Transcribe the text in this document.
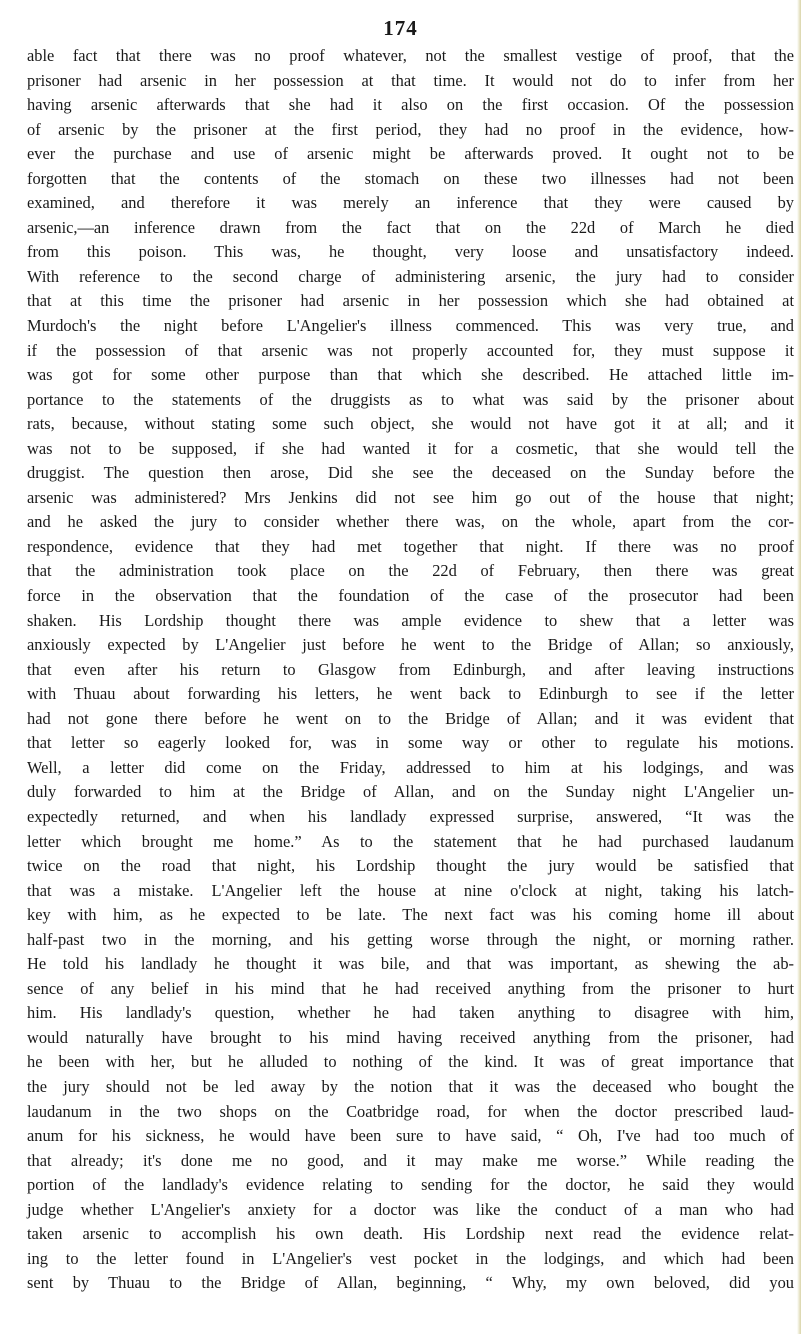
174
able fact that there was no proof whatever, not the smallest vestige of proof, that the
prisoner had arsenic in her possession at that time. It would not do to infer from her
having arsenic afterwards that she had it also on the first occasion. Of the possession
of arsenic by the prisoner at the first period, they had no proof in the evidence, how-
ever the purchase and use of arsenic might be afterwards proved. It ought not to be
forgotten that the contents of the stomach on these two illnesses had not been
examined, and therefore it was merely an inference that they were caused by
arsenic,—an inference drawn from the fact that on the 22d of March he died
from this poison. This was, he thought, very loose and unsatisfactory indeed.
With reference to the second charge of administering arsenic, the jury had to consider
that at this time the prisoner had arsenic in her possession which she had obtained at
Murdoch's the night before L'Angelier's illness commenced. This was very true, and
if the possession of that arsenic was not properly accounted for, they must suppose it
was got for some other purpose than that which she described. He attached little im-
portance to the statements of the druggists as to what was said by the prisoner about
rats, because, without stating some such object, she would not have got it at all; and it
was not to be supposed, if she had wanted it for a cosmetic, that she would tell the
druggist. The question then arose, Did she see the deceased on the Sunday before the
arsenic was administered? Mrs Jenkins did not see him go out of the house that night;
and he asked the jury to consider whether there was, on the whole, apart from the cor-
respondence, evidence that they had met together that night. If there was no proof
that the administration took place on the 22d of February, then there was great
force in the observation that the foundation of the case of the prosecutor had been
shaken. His Lordship thought there was ample evidence to shew that a letter was
anxiously expected by L'Angelier just before he went to the Bridge of Allan; so anxiously,
that even after his return to Glasgow from Edinburgh, and after leaving instructions
with Thuau about forwarding his letters, he went back to Edinburgh to see if the letter
had not gone there before he went on to the Bridge of Allan; and it was evident that
that letter so eagerly looked for, was in some way or other to regulate his motions.
Well, a letter did come on the Friday, addressed to him at his lodgings, and was
duly forwarded to him at the Bridge of Allan, and on the Sunday night L'Angelier un-
expectedly returned, and when his landlady expressed surprise, answered, “It was the
letter which brought me home.” As to the statement that he had purchased laudanum
twice on the road that night, his Lordship thought the jury would be satisfied that
that was a mistake. L'Angelier left the house at nine o'clock at night, taking his latch-
key with him, as he expected to be late. The next fact was his coming home ill about
half-past two in the morning, and his getting worse through the night, or morning rather.
He told his landlady he thought it was bile, and that was important, as shewing the ab-
sence of any belief in his mind that he had received anything from the prisoner to hurt
him. His landlady's question, whether he had taken anything to disagree with him,
would naturally have brought to his mind having received anything from the prisoner, had
he been with her, but he alluded to nothing of the kind. It was of great importance that
the jury should not be led away by the notion that it was the deceased who bought the
laudanum in the two shops on the Coatbridge road, for when the doctor prescribed laud-
anum for his sickness, he would have been sure to have said, “ Oh, I've had too much of
that already; it's done me no good, and it may make me worse.” While reading the
portion of the landlady's evidence relating to sending for the doctor, he said they would
judge whether L'Angelier's anxiety for a doctor was like the conduct of a man who had
taken arsenic to accomplish his own death. His Lordship next read the evidence relat-
ing to the letter found in L'Angelier's vest pocket in the lodgings, and which had been
sent by Thuau to the Bridge of Allan, beginning, “ Why, my own beloved, did you
